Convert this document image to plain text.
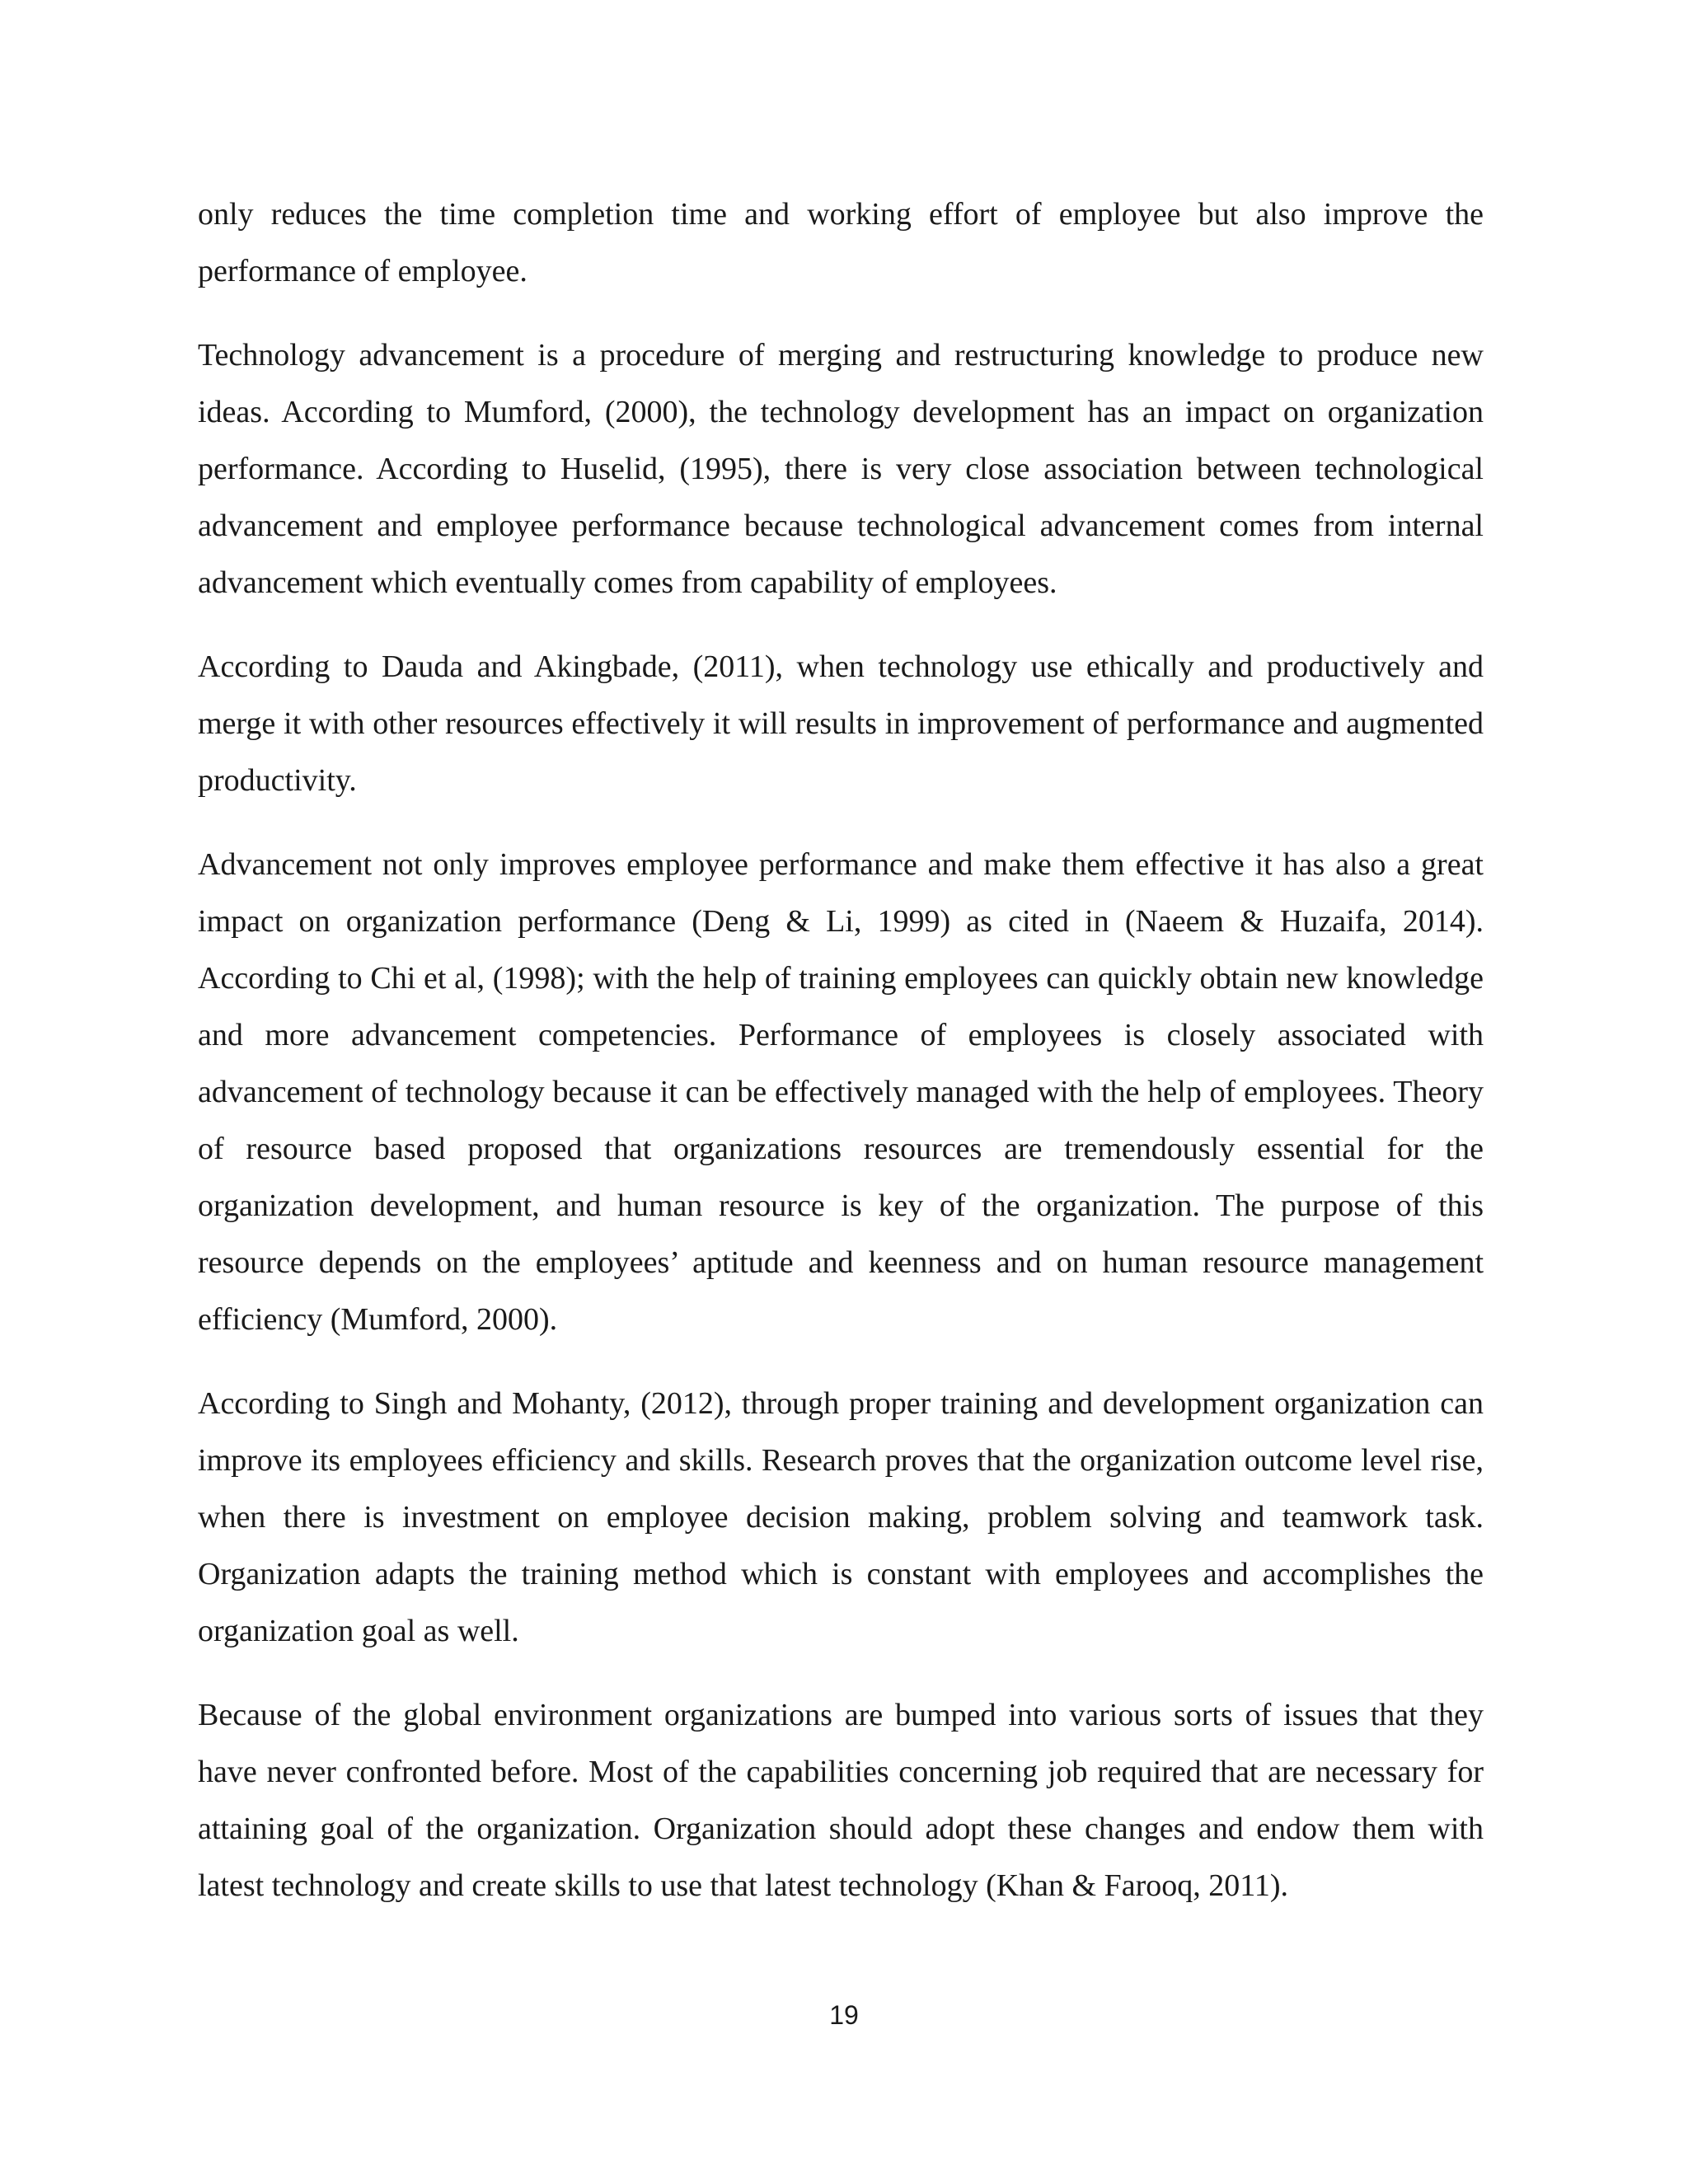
only reduces the time completion time and working effort of employee but also improve the performance of employee.

Technology advancement is a procedure of merging and restructuring knowledge to produce new ideas. According to Mumford, (2000), the technology development has an impact on organization performance. According to Huselid, (1995), there is very close association between technological advancement and employee performance because technological advancement comes from internal advancement which eventually comes from capability of employees.

According to Dauda and Akingbade, (2011), when technology use ethically and productively and merge it with other resources effectively it will results in improvement of performance and augmented productivity.

Advancement not only improves employee performance and make them effective it has also a great impact on organization performance (Deng & Li, 1999) as cited in (Naeem & Huzaifa, 2014). According to Chi et al, (1998); with the help of training employees can quickly obtain new knowledge and more advancement competencies. Performance of employees is closely associated with advancement of technology because it can be effectively managed with the help of employees. Theory of resource based proposed that organizations resources are tremendously essential for the organization development, and human resource is key of the organization. The purpose of this resource depends on the employees’ aptitude and keenness and on human resource management efficiency (Mumford, 2000).

According to Singh and Mohanty, (2012), through proper training and development organization can improve its employees efficiency and skills. Research proves that the organization outcome level rise, when there is investment on employee decision making, problem solving and teamwork task. Organization adapts the training method which is constant with employees and accomplishes the organization goal as well.

Because of the global environment organizations are bumped into various sorts of issues that they have never confronted before. Most of the capabilities concerning job required that are necessary for attaining goal of the organization. Organization should adopt these changes and endow them with latest technology and create skills to use that latest technology (Khan & Farooq, 2011).

19
